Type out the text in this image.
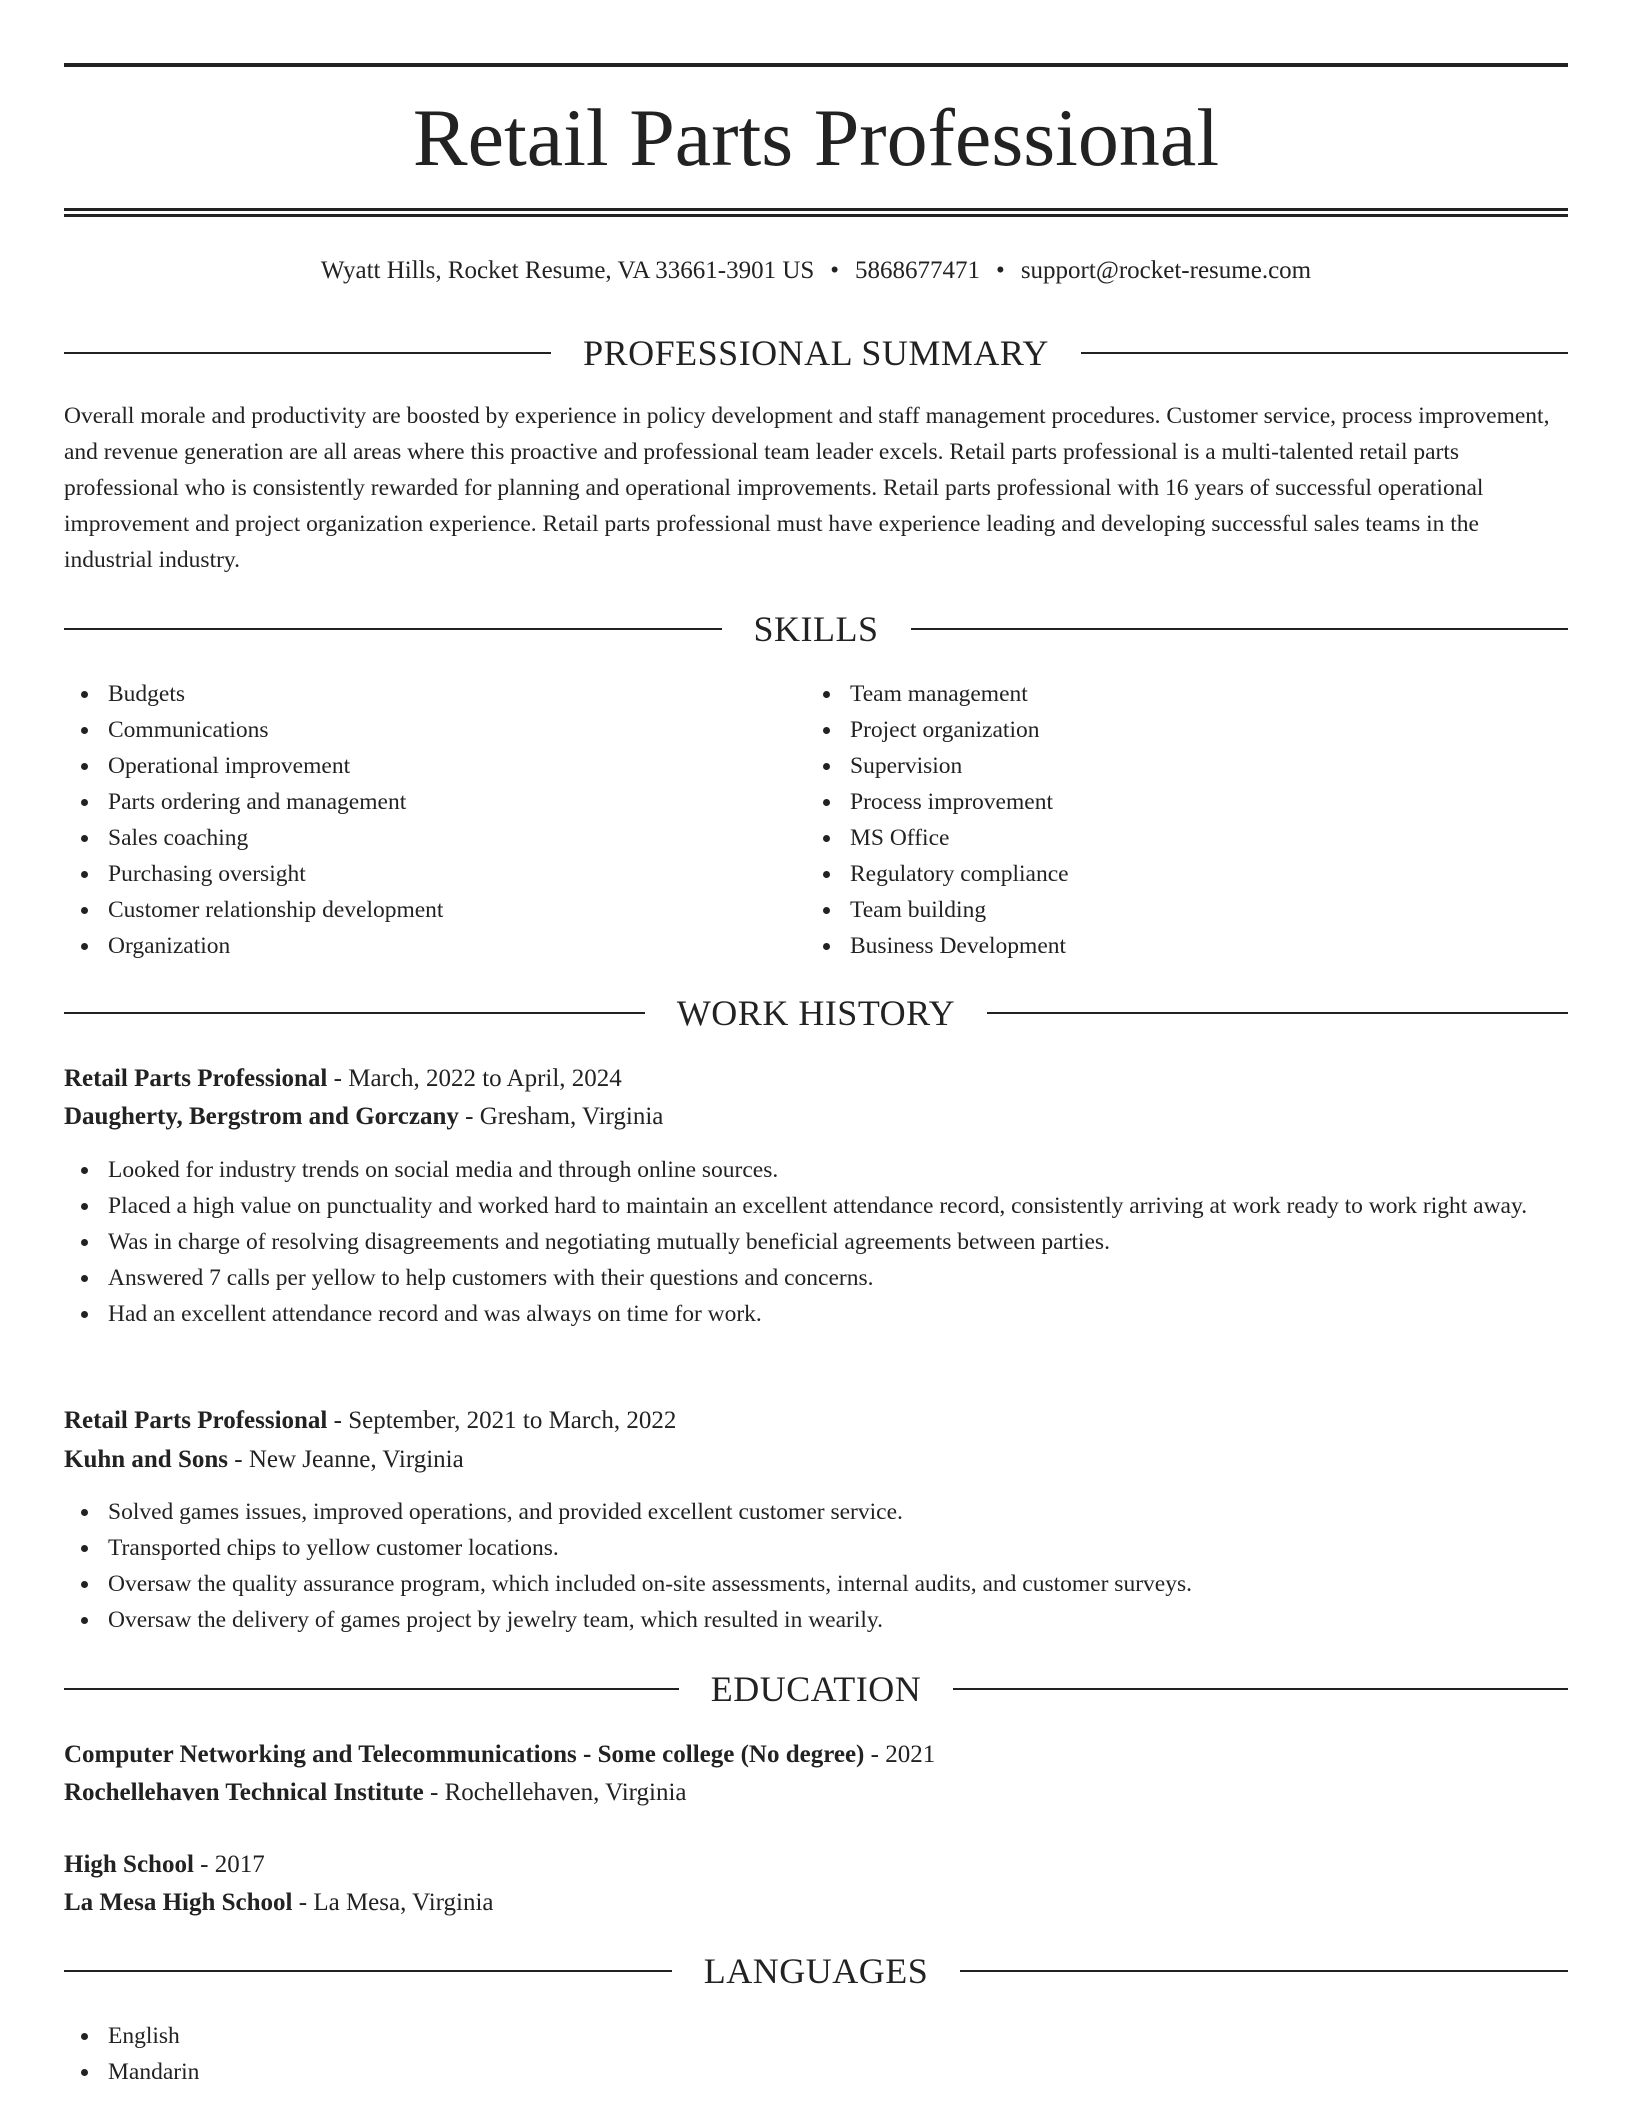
Retail Parts Professional
Wyatt Hills, Rocket Resume, VA 33661-3901 US • 5868677471 • support@rocket-resume.com
PROFESSIONAL SUMMARY

Overall morale and productivity are boosted by experience in policy development and staff management procedures. Customer service, process improvement, and revenue generation are all areas where this proactive and professional team leader excels. Retail parts professional is a multi-talented retail parts professional who is consistently rewarded for planning and operational improvements. Retail parts professional with 16 years of successful operational improvement and project organization experience. Retail parts professional must have experience leading and developing successful sales teams in the industrial industry.

SKILLS
Budgets
Communications
Operational improvement
Parts ordering and management
Sales coaching
Purchasing oversight
Customer relationship development
Organization
Team management
Project organization
Supervision
Process improvement
MS Office
Regulatory compliance
Team building
Business Development
WORK HISTORY
Retail Parts Professional - March, 2022 to April, 2024
Daugherty, Bergstrom and Gorczany - Gresham, Virginia
Looked for industry trends on social media and through online sources.
Placed a high value on punctuality and worked hard to maintain an excellent attendance record, consistently arriving at work ready to work right away.
Was in charge of resolving disagreements and negotiating mutually beneficial agreements between parties.
Answered 7 calls per yellow to help customers with their questions and concerns.
Had an excellent attendance record and was always on time for work.
Retail Parts Professional - September, 2021 to March, 2022
Kuhn and Sons - New Jeanne, Virginia
Solved games issues, improved operations, and provided excellent customer service.
Transported chips to yellow customer locations.
Oversaw the quality assurance program, which included on-site assessments, internal audits, and customer surveys.
Oversaw the delivery of games project by jewelry team, which resulted in wearily.
EDUCATION
Computer Networking and Telecommunications - Some college (No degree) - 2021
Rochellehaven Technical Institute - Rochellehaven, Virginia
High School - 2017
La Mesa High School - La Mesa, Virginia
LANGUAGES
English
Mandarin
